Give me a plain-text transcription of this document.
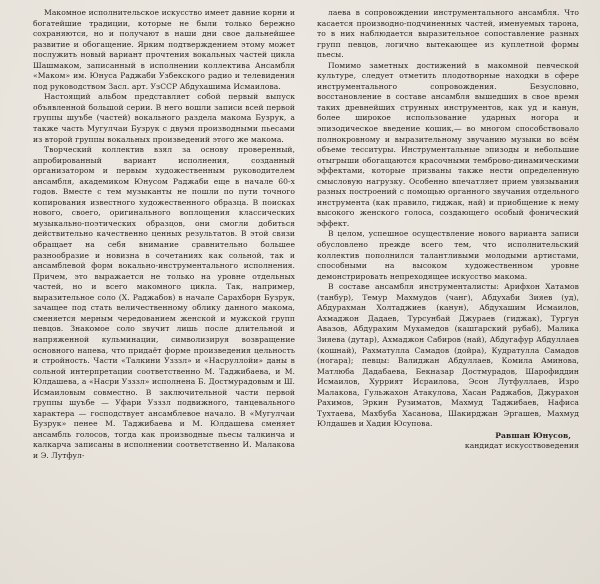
Макомное исполнительское искусство имеет давние корни и богатейшие традиции, которые не были только бережно сохраняются, но и получают в наши дни свое дальнейшее развитие и обогащение. Ярким подтверждением этому может послужить новый вариант прочтения вокальных частей цикла Шашмаком, записанный в исполнении коллектива Ансамбля «Маком» им. Юнуса Раджаби Узбекского радио и телевидения под руководством Засл. арт. УзССР Абдухашима Исмаилова.

Настоящий альбом представляет собой первый выпуск объявленной большой серии. В него вошли записи всей первой группы шуъбе (частей) вокального раздела макома Бузрук, а также часть Мугулчаи Бузрук с двумя производными пьесами из второй группы вокальных произведений этого же макома.

Творческий коллектив взял за основу проверенный, апробированный вариант исполнения, созданный организатором и первым художественным руководителем ансамбля, академиком Юнусом Раджаби еще в начале 60-х годов. Вместе с тем музыканты не пошли по пути точного копирования известного художественного образца. В поисках нового, своего, оригинального воплощения классических музыкально-поэтических образцов, они смогли добиться действительно качественно ценных результатов. В этой связи обращает на себя внимание сравнительно большее разнообразие и новизна в сочетаниях как сольной, так и ансамблевой форм вокально-инструментального исполнения. Причем, это выражается не только на уровне отдельных частей, но и всего макомного цикла. Так, например, выразительное соло (Х. Раджабов) в начале Сарахборн Бузрук, зачащее под стать величественному облику данного макома, сменяется мерным чередованием женской и мужской групп певцов. Знакомое соло звучит лишь после длительной и напряженной кульминации, символизируя возвращение основного напева, что придаёт форме произведения цельность и стройность. Части «Талкини Узззл» и «Насруллойи» даны в сольной интерпретации соответственно М. Таджибаева, и М. Юлдашева, а «Насри Узззл» исполнена Б. Достмурадовым и Ш. Исмаиловым совместно. В заключительной части первой группы шуъбе — Уфари Узззл подвижного, танцевального характера — господствует ансамблевое начало. В «Мугулчаи Бузрук» пенее М. Таджибаева и М. Юлдашева сменяет ансамбль голосов, тогда как производные пьесы талкинча и калкарча записаны в исполнении соответственно И. Малакова и Э. Лутфул-

лаева в сопровождении инструментального ансамбля. Что касается производно-подчиненных частей, именуемых тарона, то в них наблюдается выразительное сопоставление разных групп певцов, логично вытекающее из куплетной формы пьесы.

Помимо заметных достижений в макомной певческой культуре, следует отметить плодотворные находки в сфере инструментального сопровождения. Безусловно, восстановление в составе ансамбля вышедших в свое время таких древнейших струнных инструментов, как уд и канун, более широкое использование ударных ногора и эпизодическое введение кошик,— во многом способствовало полнокровному и выразительному звучанию музыки во всём объеме тесситуры. Инструментальные эпизоды и небольшие отыгрыши обогащаются красочными темброво-динамическими эффектами, которые призваны также нести определенную смысловую нагрузку. Особенно впечатляет прием увязывания разных построений с помощью органного звучания отдельного инструмента (как правило, гиджак, най) и приобщение к нему высокого женского голоса, создающего особый фонический эффект.

В целом, успешное осуществление нового варианта записи обусловлено прежде всего тем, что исполнительский коллектив пополнился талантливыми молодыми артистами, способными на высоком художественном уровне демонстрировать непреходящее искусство макома.

В составе ансамбля инструменталисты: Арифхон Хатамов (танбур), Темур Махмудов (чанг), Абдухаби Зияев (уд), Абдурахман Холтаджиев (канун), Абдухашим Исмаилов, Ахмаджон Дадаев, Турсунбай Джураев (гиджак), Тургун Авазов, Абдурахим Мухамедов (кашгарский рубаб), Малика Зияева (дутар), Ахмаджон Сабиров (най), Абдугафур Абдуллаев (кошнай), Рахматулла Самадов (дойра), Кудратулла Самадов (ногара); певцы: Валиджан Абдуллаев, Комила Аминова, Матлюба Дадабаева, Бекназар Достмурадов, Шарофиддин Исмаилов, Хуррият Исраилова, Эсон Лутфуллаев, Изро Малакова, Гульжахон Атакулова, Хасан Раджабов, Джурахон Рахимов, Эркин Рузиматов, Махмуд Таджибаев, Нафиса Тухтаева, Махбуба Хасанова, Шакирджан Эргашев, Махмуд Юлдашев и Хадия Юсупова.

Равшан Юнусов,
кандидат искусствоведения
